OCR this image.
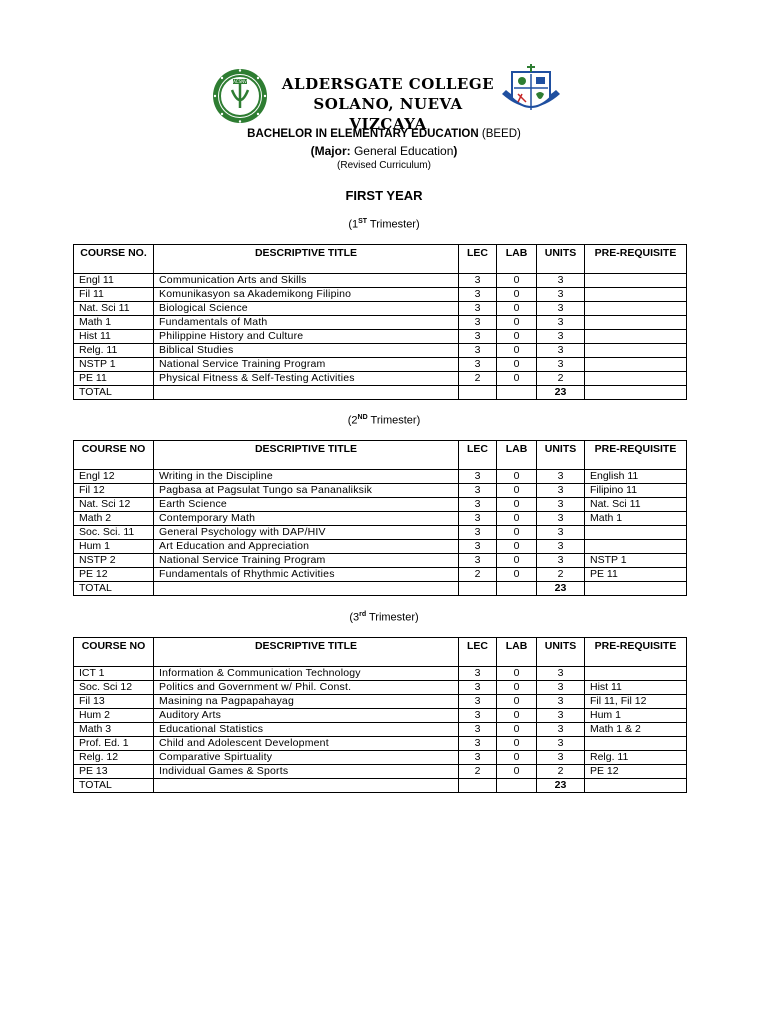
ACSNV ALDERSGATE COLLEGE
SOLANO, NUEVA VIZCAYA
BACHELOR IN ELEMENTARY EDUCATION (BEED)
(Major: General Education)
(Revised Curriculum)
FIRST YEAR
(1ST Trimester)
COURSE NO.	DESCRIPTIVE TITLE	LEC	LAB	UNITS	PRE-REQUISITE
Engl 11	Communication Arts and Skills	3	0	3	
Fil 11	Komunikasyon sa Akademikong Filipino	3	0	3	
Nat. Sci 11	Biological Science	3	0	3	
Math 1	Fundamentals of Math	3	0	3	
Hist 11	Philippine History and Culture	3	0	3	
Relg. 11	Biblical Studies	3	0	3	
NSTP 1	National Service Training Program	3	0	3	
PE 11	Physical Fitness & Self-Testing Activities	2	0	2	
TOTAL				23	
(2ND Trimester)
COURSE NO	DESCRIPTIVE TITLE	LEC	LAB	UNITS	PRE-REQUISITE
Engl 12	Writing in the Discipline	3	0	3	English 11
Fil 12	Pagbasa at Pagsulat Tungo sa Pananaliksik	3	0	3	Filipino 11
Nat. Sci 12	Earth Science	3	0	3	Nat. Sci 11
Math 2	Contemporary Math	3	0	3	Math 1
Soc. Sci. 11	General Psychology with DAP/HIV	3	0	3	
Hum 1	Art Education and Appreciation	3	0	3	
NSTP 2	National Service Training Program	3	0	3	NSTP 1
PE 12	Fundamentals of Rhythmic Activities	2	0	2	PE 11
TOTAL				23	
(3rd Trimester)
COURSE NO	DESCRIPTIVE TITLE	LEC	LAB	UNITS	PRE-REQUISITE
ICT 1	Information & Communication Technology	3	0	3	
Soc. Sci 12	Politics and Government w/ Phil. Const.	3	0	3	Hist 11
Fil 13	Masining na Pagpapahayag	3	0	3	Fil 11, Fil 12
Hum 2	Auditory Arts	3	0	3	Hum 1
Math 3	Educational Statistics	3	0	3	Math 1 & 2
Prof. Ed. 1	Child and Adolescent Development	3	0	3	
Relg. 12	Comparative Spirtuality	3	0	3	Relg. 11
PE 13	Individual Games & Sports	2	0	2	PE 12
TOTAL				23	
